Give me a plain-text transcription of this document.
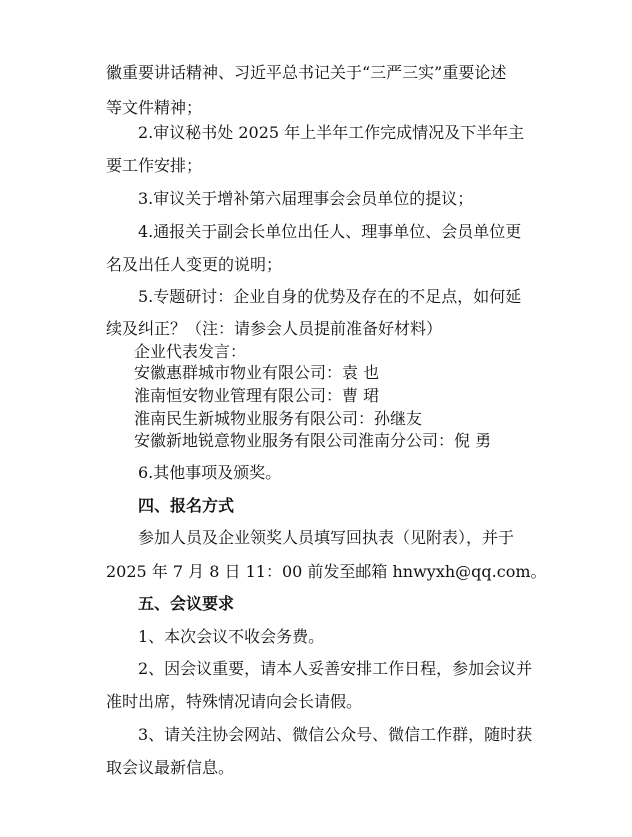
徽重要讲话精神、习近平总书记关于“三严三实”重要论述
等文件精神；
2.审议秘书处 2025 年上半年工作完成情况及下半年主
要工作安排；
3.审议关于增补第六届理事会会员单位的提议；
4.通报关于副会长单位出任人、理事单位、会员单位更
名及出任人变更的说明；
5.专题研讨：企业自身的优势及存在的不足点，如何延
续及纠正？（注：请参会人员提前准备好材料）
企业代表发言：
安徽惠群城市物业有限公司：袁 也
淮南恒安物业管理有限公司：曹 珺
淮南民生新城物业服务有限公司：孙继友
安徽新地锐意物业服务有限公司淮南分公司：倪 勇
6.其他事项及颁奖。
四、报名方式
参加人员及企业领奖人员填写回执表（见附表），并于
2025 年 7 月 8 日 11：00 前发至邮箱 hnwyxh@qq.com。
五、会议要求
1、本次会议不收会务费。
2、因会议重要，请本人妥善安排工作日程，参加会议并
准时出席，特殊情况请向会长请假。
3、请关注协会网站、微信公众号、微信工作群，随时获
取会议最新信息。
